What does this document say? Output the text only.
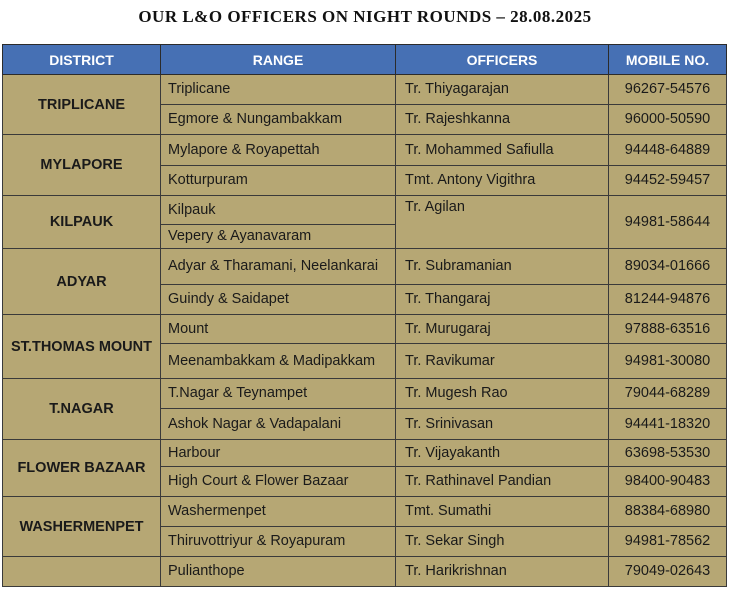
OUR L&O OFFICERS ON NIGHT ROUNDS – 28.08.2025
DISTRICT	RANGE	OFFICERS	MOBILE NO.
TRIPLICANE	Triplicane	Tr. Thiyagarajan	96267-54576
	Egmore & Nungambakkam	Tr. Rajeshkanna	96000-50590
MYLAPORE	Mylapore & Royapettah	Tr. Mohammed Safiulla	94448-64889
	Kotturpuram	Tmt. Antony Vigithra	94452-59457
KILPAUK	Kilpauk	Tr. Agilan	94981-58644
	Vepery & Ayanavaram		
ADYAR	Adyar & Tharamani, Neelankarai	Tr. Subramanian	89034-01666
	Guindy & Saidapet	Tr. Thangaraj	81244-94876
ST.THOMAS MOUNT	Mount	Tr. Murugaraj	97888-63516
	Meenambakkam & Madipakkam	Tr. Ravikumar	94981-30080
T.NAGAR	T.Nagar & Teynampet	Tr. Mugesh Rao	79044-68289
	Ashok Nagar & Vadapalani	Tr. Srinivasan	94441-18320
FLOWER BAZAAR	Harbour	Tr. Vijayakanth	63698-53530
	High Court & Flower Bazaar	Tr. Rathinavel Pandian	98400-90483
WASHERMENPET	Washermenpet	Tmt. Sumathi	88384-68980
	Thiruvottriyur & Royapuram	Tr. Sekar Singh	94981-78562
	Pulianthope	Tr. Harikrishnan	79049-02643
